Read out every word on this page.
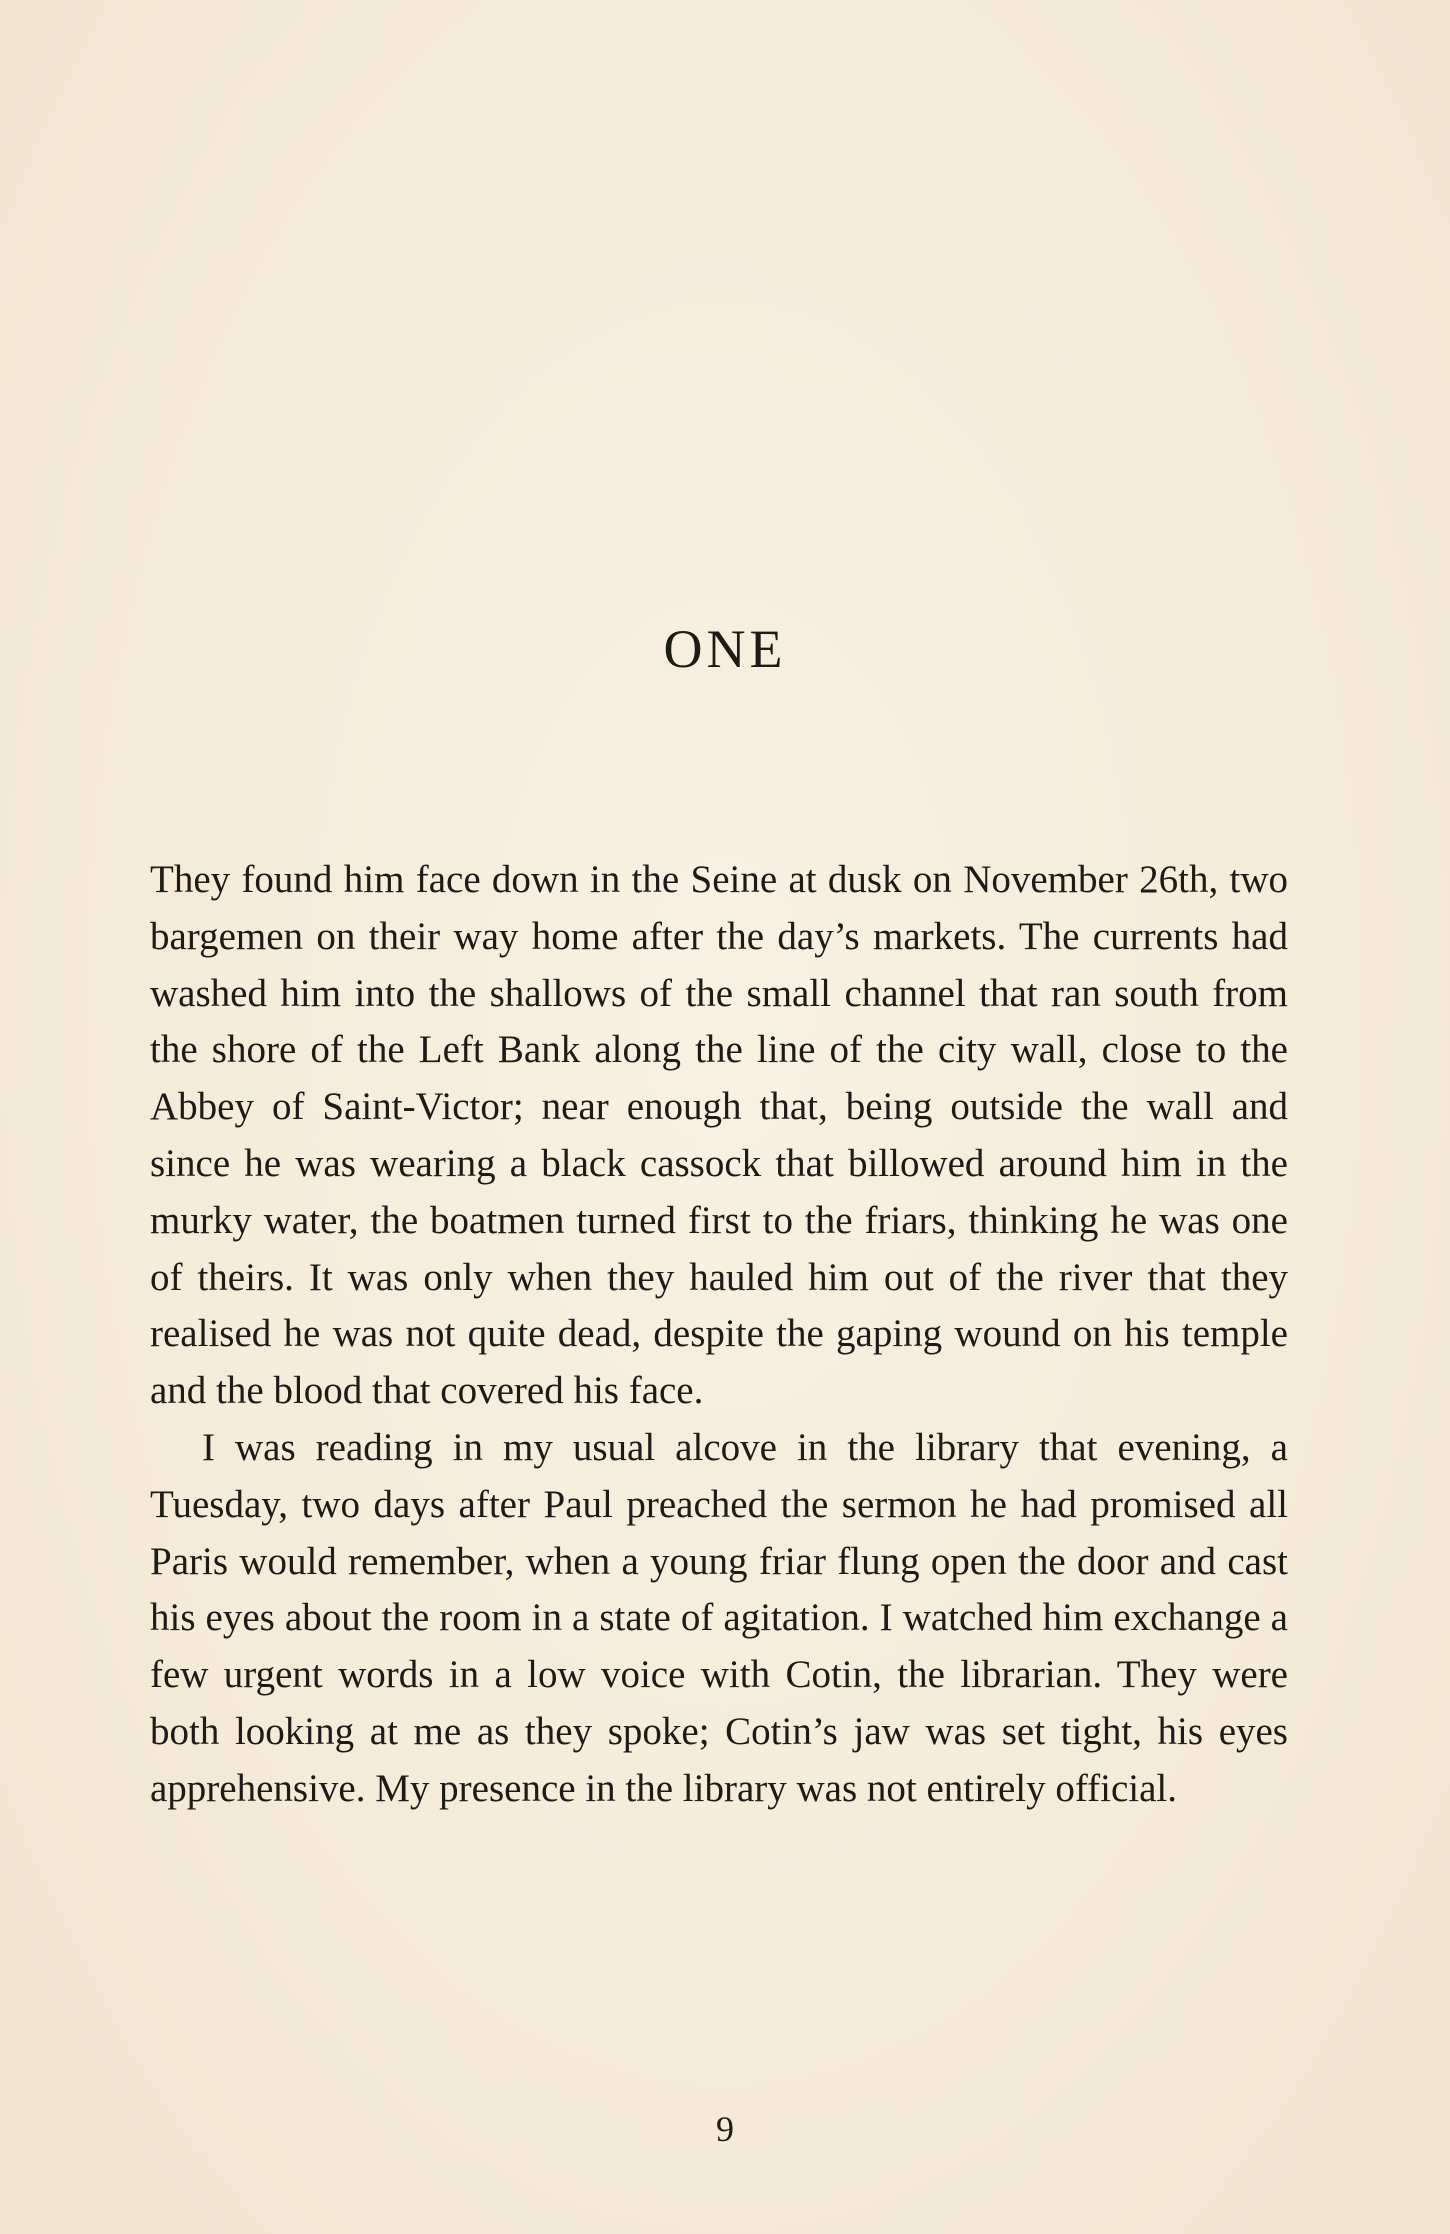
ONE

They found him face down in the Seine at dusk on November 26th, two bargemen on their way home after the day’s markets. The currents had washed him into the shallows of the small channel that ran south from the shore of the Left Bank along the line of the city wall, close to the Abbey of Saint-Victor; near enough that, being outside the wall and since he was wearing a black cassock that billowed around him in the murky water, the boatmen turned first to the friars, thinking he was one of theirs. It was only when they hauled him out of the river that they realised he was not quite dead, despite the gaping wound on his temple and the blood that covered his face.

I was reading in my usual alcove in the library that evening, a Tuesday, two days after Paul preached the sermon he had promised all Paris would remember, when a young friar flung open the door and cast his eyes about the room in a state of agitation. I watched him exchange a few urgent words in a low voice with Cotin, the librarian. They were both looking at me as they spoke; Cotin’s jaw was set tight, his eyes apprehensive. My presence in the library was not entirely official.

9
